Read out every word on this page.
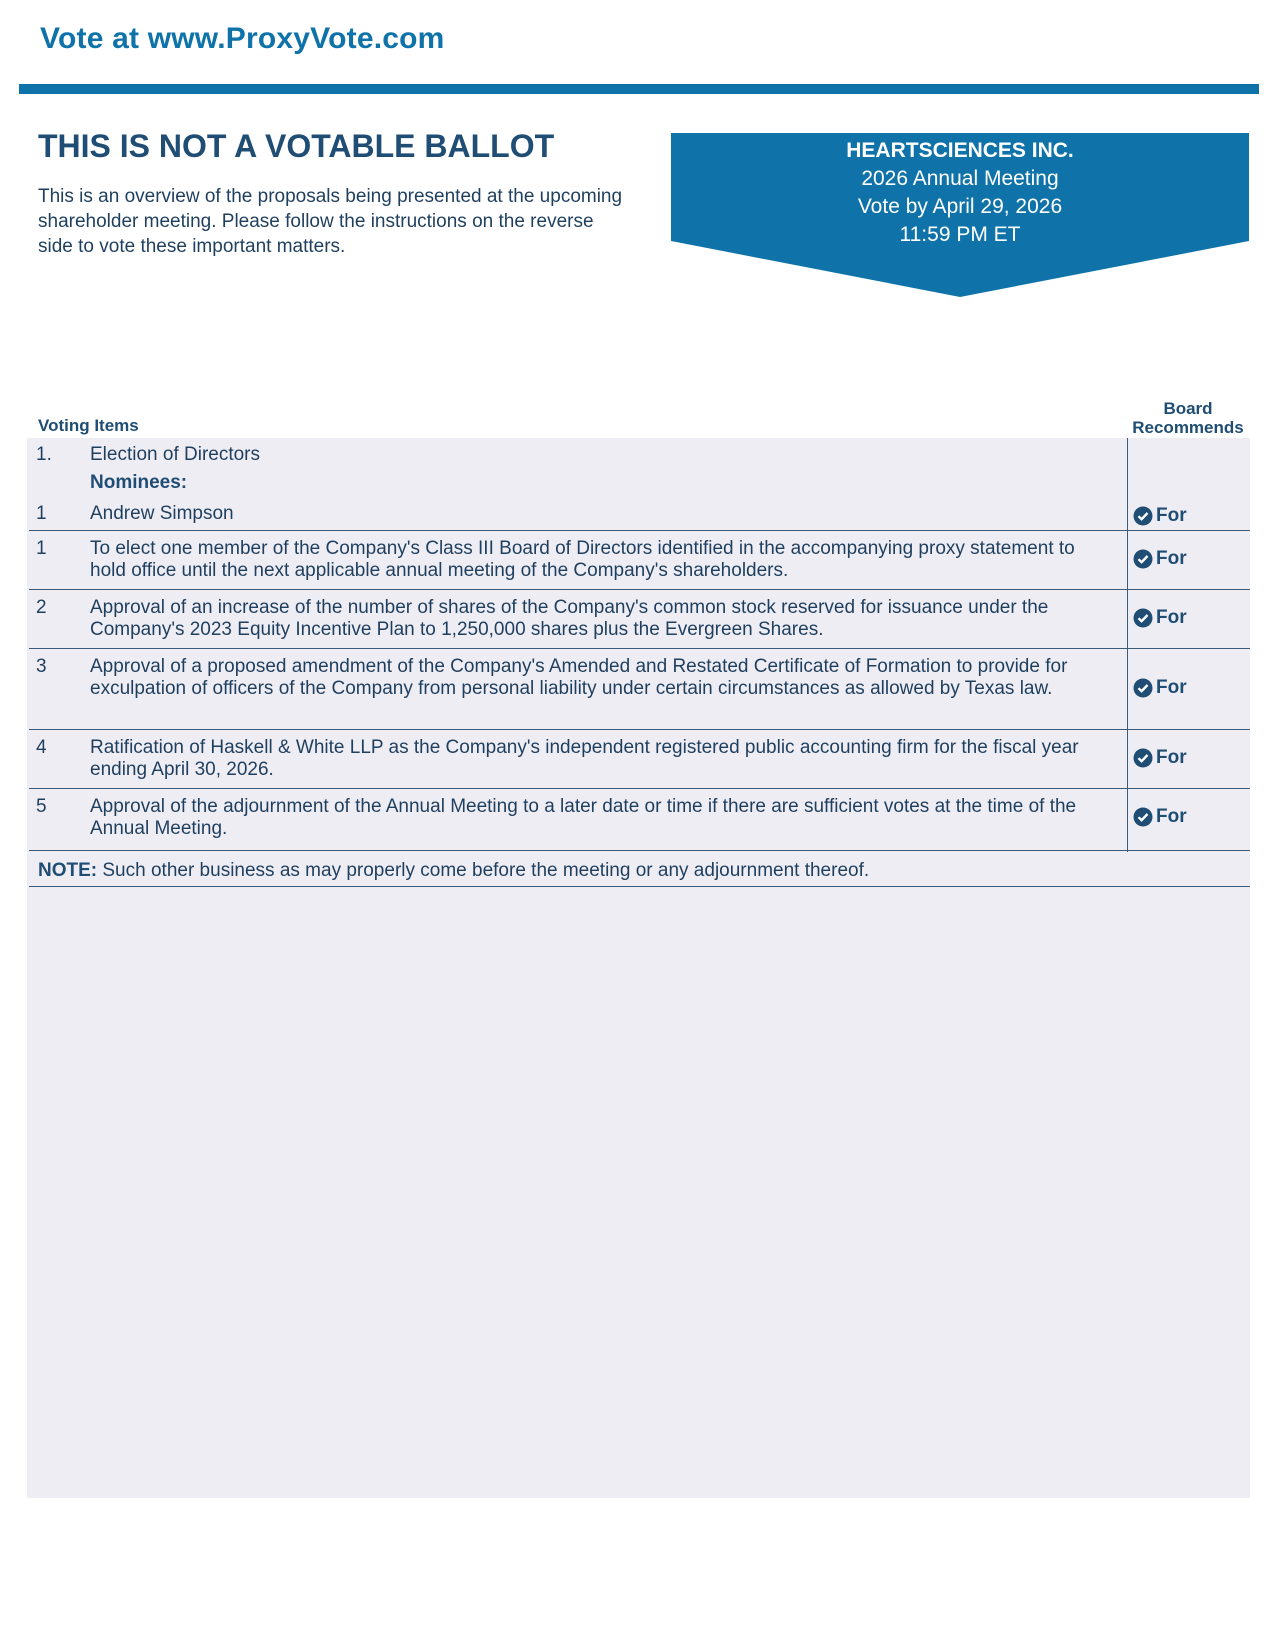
Vote at www.ProxyVote.com
THIS IS NOT A VOTABLE BALLOT
This is an overview of the proposals being presented at the upcoming shareholder meeting. Please follow the instructions on the reverse side to vote these important matters.
HEARTSCIENCES INC.
2026 Annual Meeting
Vote by April 29, 2026
11:59 PM ET
Voting Items
Board
Recommends
1. Election of Directors
Nominees:
1 Andrew Simpson	For
1 To elect one member of the Company's Class III Board of Directors identified in the accompanying proxy statement to hold office until the next applicable annual meeting of the Company's shareholders.
For
2 Approval of an increase of the number of shares of the Company's common stock reserved for issuance under the Company's 2023 Equity Incentive Plan to 1,250,000 shares plus the Evergreen Shares.
For
3 Approval of a proposed amendment of the Company's Amended and Restated Certificate of Formation to provide for exculpation of officers of the Company from personal liability under certain circumstances as allowed by Texas law.	For
4 Ratification of Haskell & White LLP as the Company's independent registered public accounting firm for the fiscal year ending April 30, 2026.
For
5 Approval of the adjournment of the Annual Meeting to a later date or time if there are sufficient votes at the time of the Annual Meeting.
For
NOTE: Such other business as may properly come before the meeting or any adjournment thereof.
